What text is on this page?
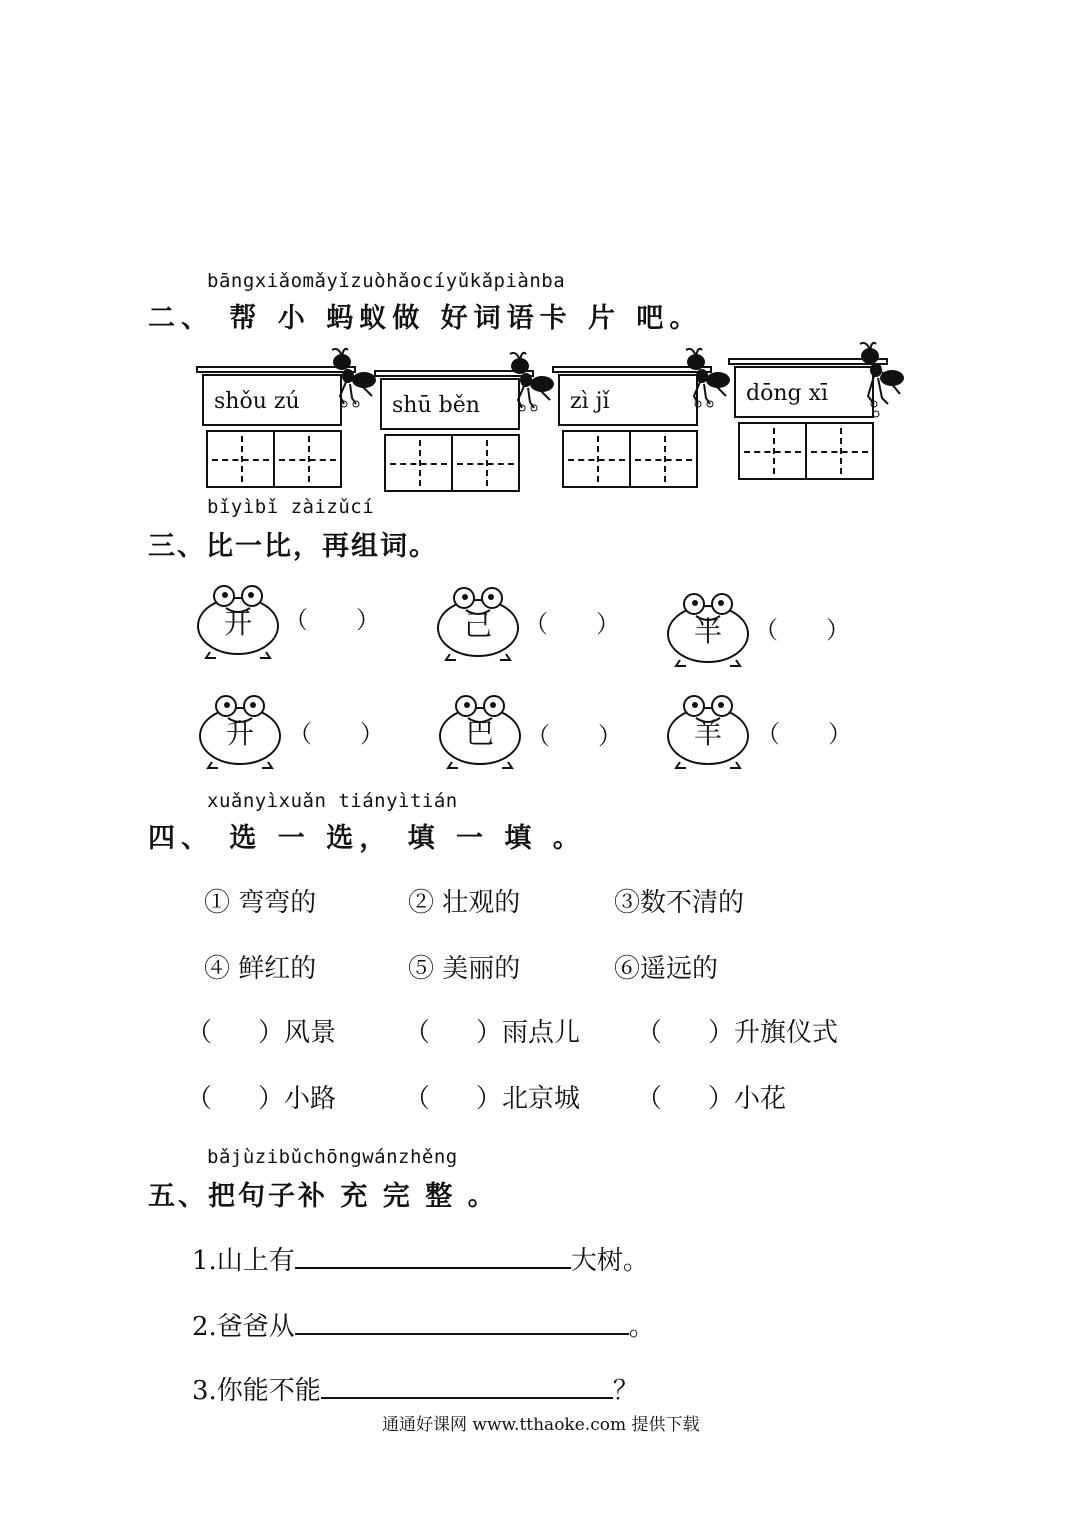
bāngxiǎomǎyǐzuòhǎocíyǔkǎpiànba
二、 帮 小 蚂蚁做 好词语卡 片 吧。
shǒu zú	shū běn	zì jǐ	dōng xī
bǐyìbǐ zàizǔcí
三、比一比，再组词。
开	（ ）	己	（ ）	半	（ ）
升	（ ）	巴	（ ）	羊	（ ）
xuǎnyìxuǎn tiányìtián
四、 选 一 选， 填 一 填 。
① 弯弯的	② 壮观的	③数不清的
④ 鲜红的	⑤ 美丽的	⑥遥远的
（ ）风景	（ ）雨点儿 （ ）升旗仪式
（ ）小路	（ ）北京城 （ ）小花
bǎjùzibǔchōngwánzhěng
五、把句子补 充 完 整 。
1.山上有	大树。
2.爸爸从	。
3.你能不能	？
通通好课网 www.tthaoke.com 提供下载
